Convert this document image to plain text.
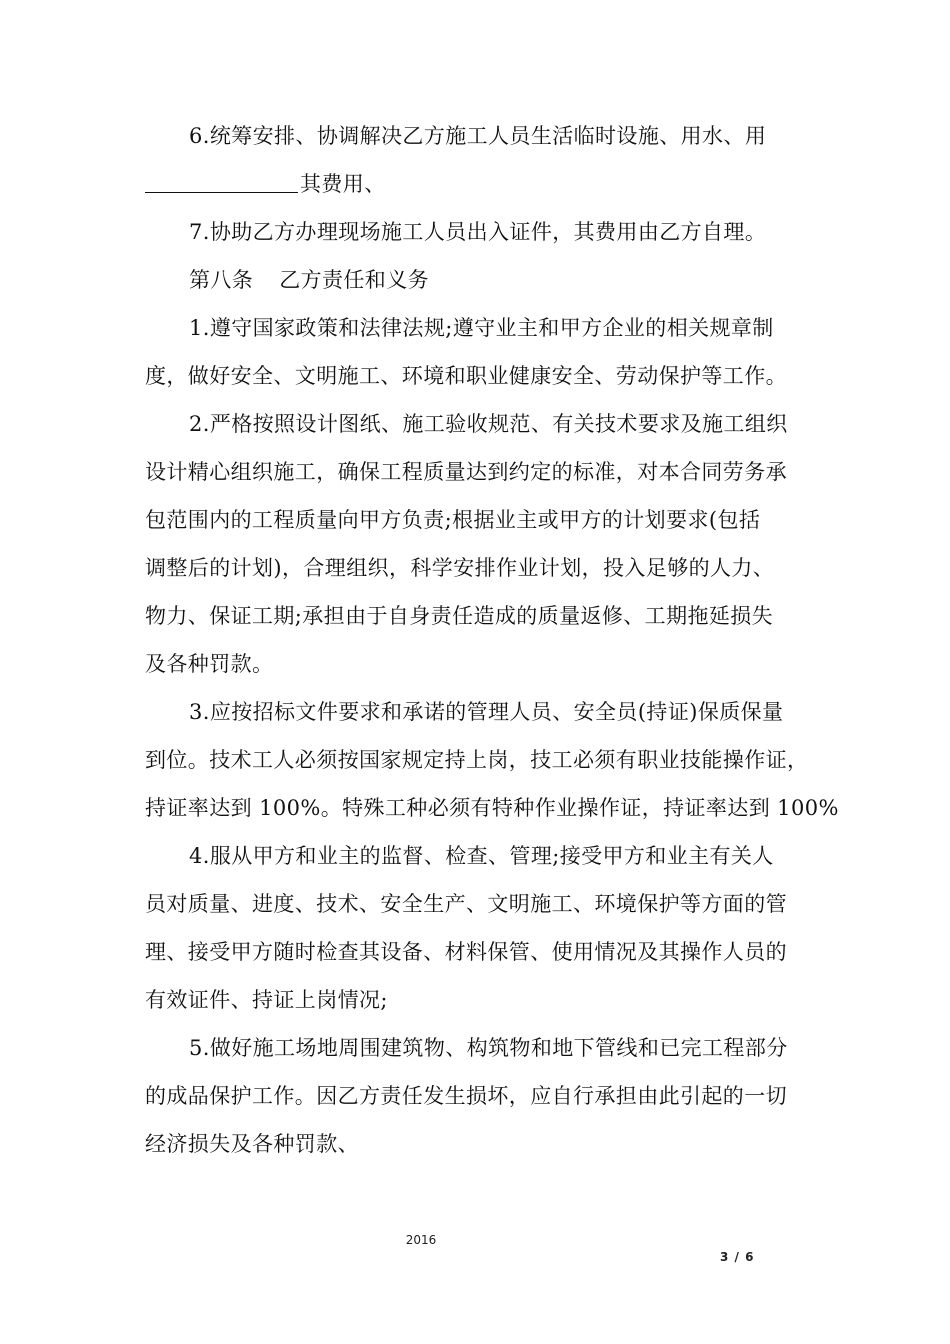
6.统筹安排、协调解决乙方施工人员生活临时设施、用水、用
其费用、
7.协助乙方办理现场施工人员出入证件，其费用由乙方自理。
第八条 乙方责任和义务
1.遵守国家政策和法律法规;遵守业主和甲方企业的相关规章制
度，做好安全、文明施工、环境和职业健康安全、劳动保护等工作。
2.严格按照设计图纸、施工验收规范、有关技术要求及施工组织
设计精心组织施工，确保工程质量达到约定的标准，对本合同劳务承
包范围内的工程质量向甲方负责;根据业主或甲方的计划要求(包括
调整后的计划)，合理组织，科学安排作业计划，投入足够的人力、
物力、保证工期;承担由于自身责任造成的质量返修、工期拖延损失
及各种罚款。
3.应按招标文件要求和承诺的管理人员、安全员(持证)保质保量
到位。技术工人必须按国家规定持上岗，技工必须有职业技能操作证，
持证率达到 100%。特殊工种必须有特种作业操作证，持证率达到 100%
4.服从甲方和业主的监督、检查、管理;接受甲方和业主有关人
员对质量、进度、技术、安全生产、文明施工、环境保护等方面的管
理、接受甲方随时检查其设备、材料保管、使用情况及其操作人员的
有效证件、持证上岗情况;
5.做好施工场地周围建筑物、构筑物和地下管线和已完工程部分
的成品保护工作。因乙方责任发生损坏，应自行承担由此引起的一切
经济损失及各种罚款、
2016
3 / 6
